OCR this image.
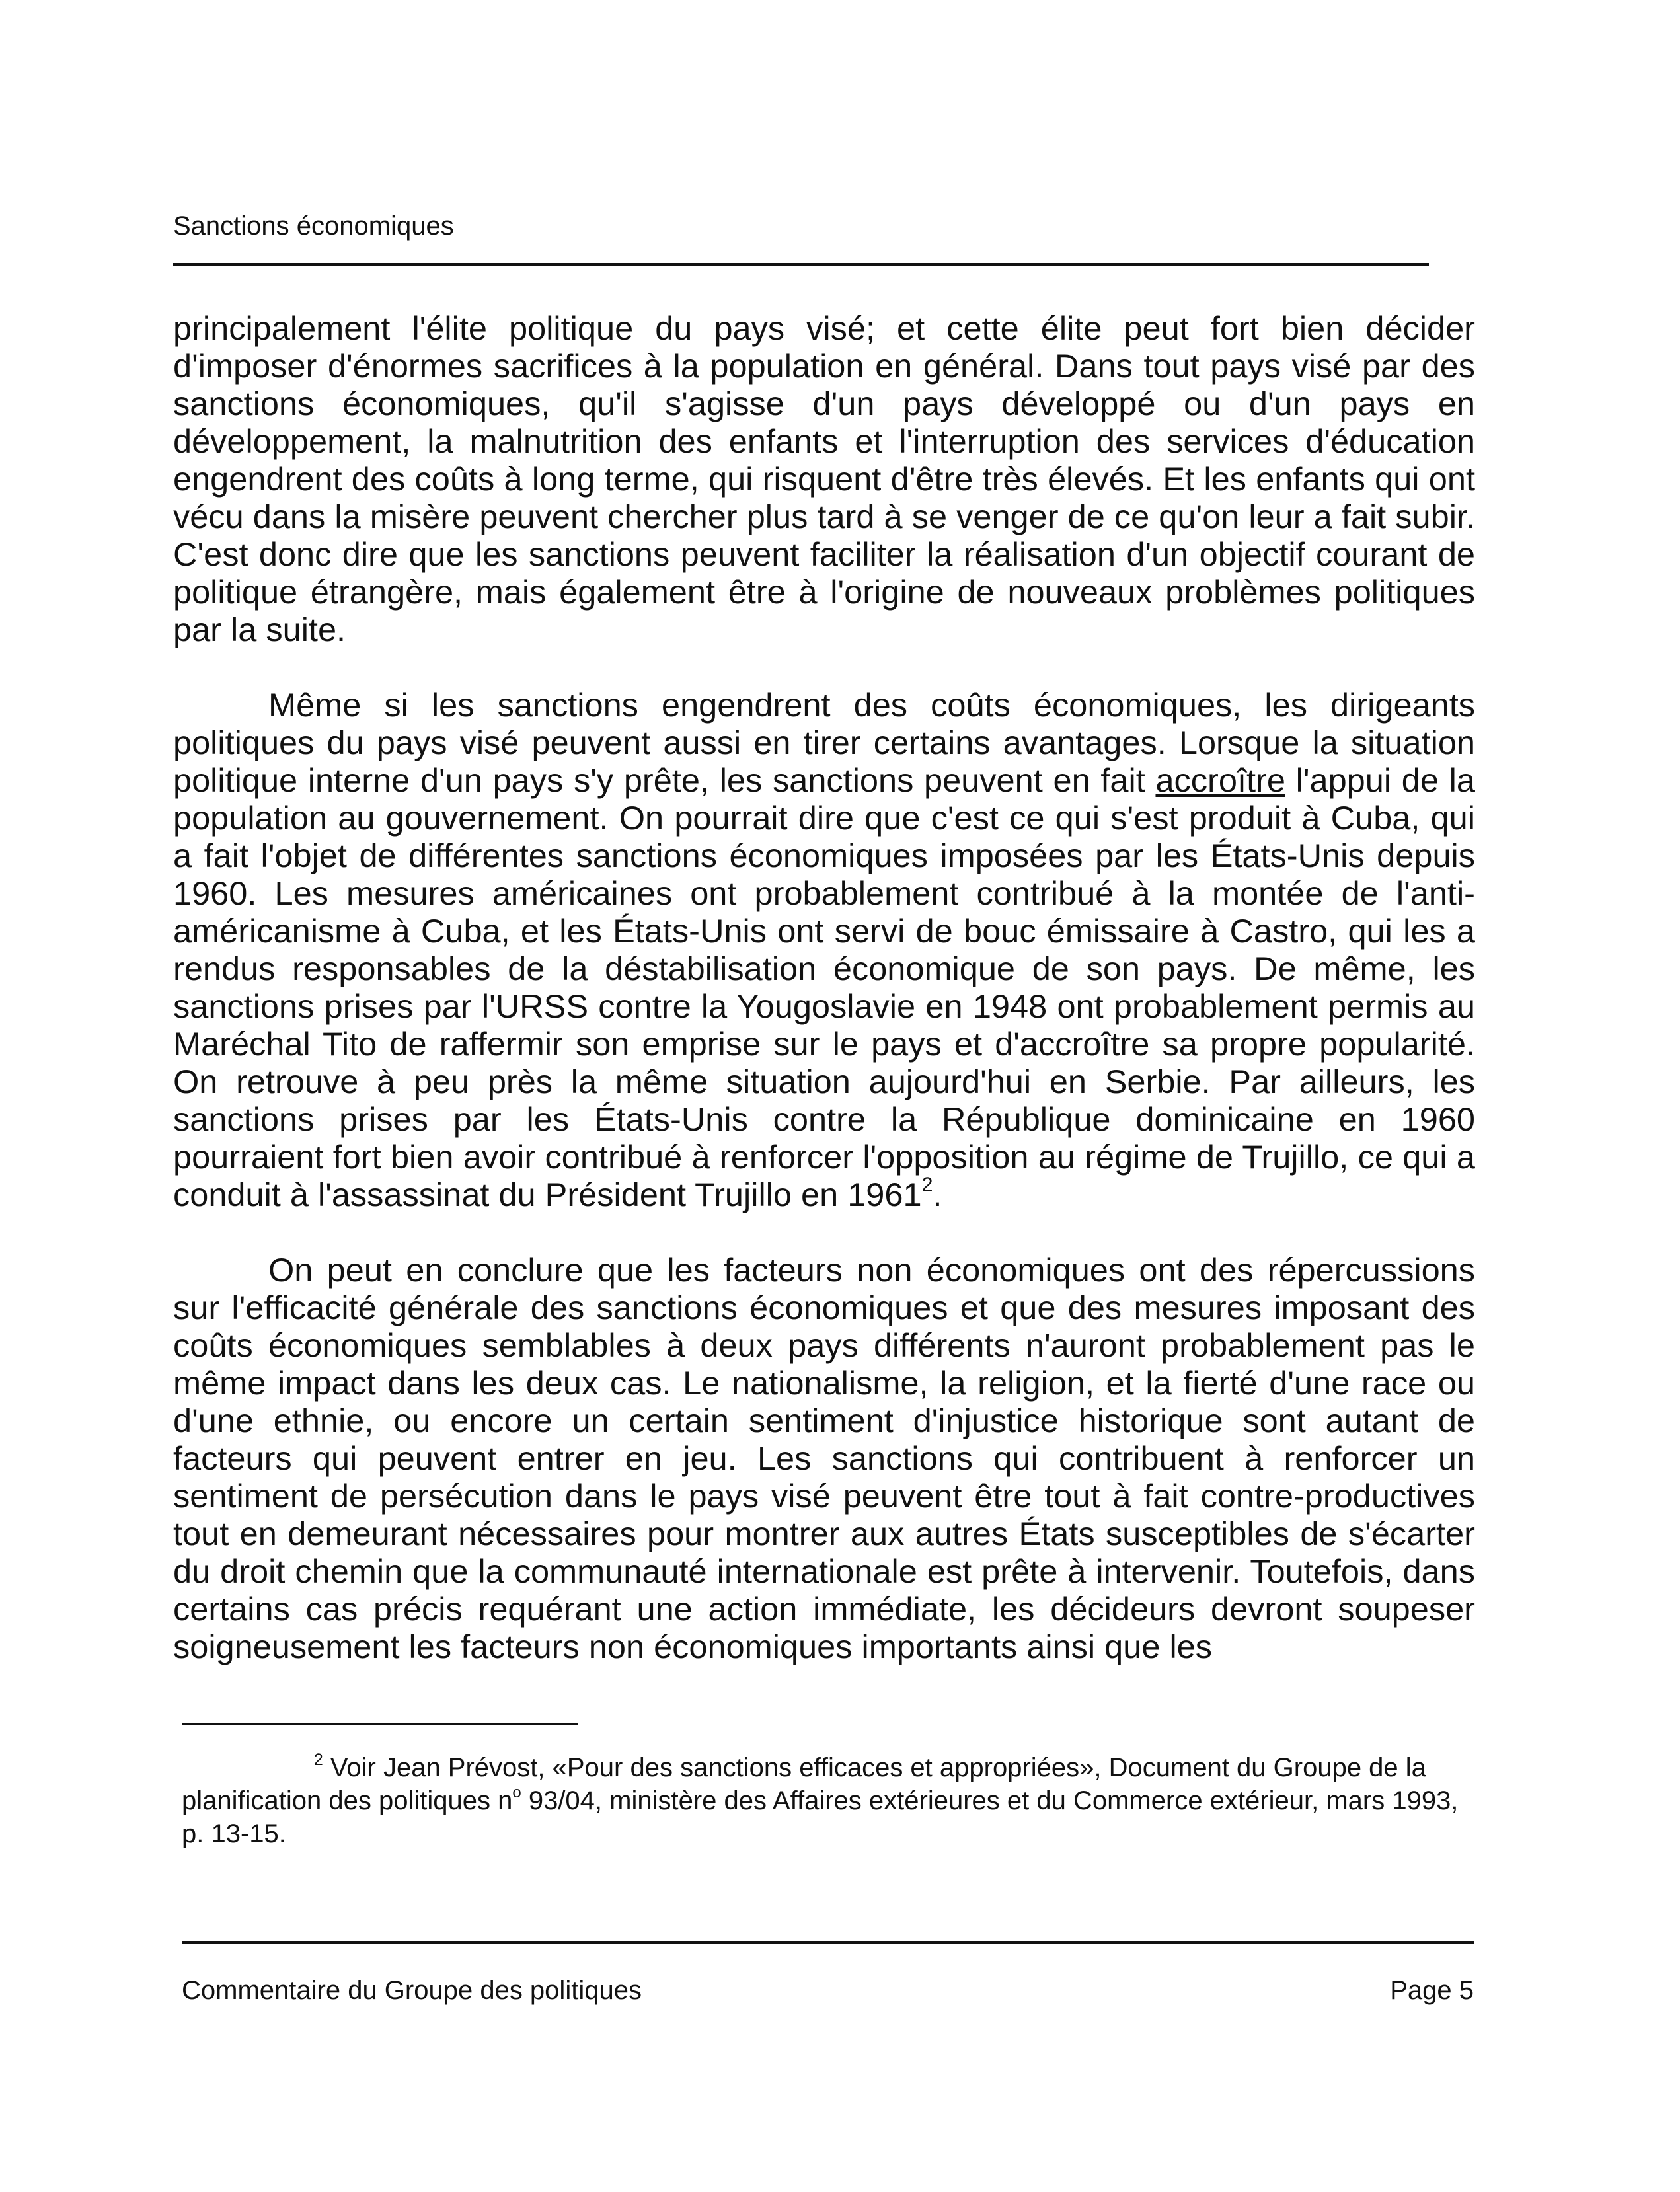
Sanctions économiques

principalement l'élite politique du pays visé; et cette élite peut fort bien décider d'imposer d'énormes sacrifices à la population en général. Dans tout pays visé par des sanctions économiques, qu'il s'agisse d'un pays développé ou d'un pays en développement, la malnutrition des enfants et l'interruption des services d'éducation engendrent des coûts à long terme, qui risquent d'être très élevés. Et les enfants qui ont vécu dans la misère peuvent chercher plus tard à se venger de ce qu'on leur a fait subir. C'est donc dire que les sanctions peuvent faciliter la réalisation d'un objectif courant de politique étrangère, mais également être à l'origine de nouveaux problèmes politiques par la suite.

Même si les sanctions engendrent des coûts économiques, les dirigeants politiques du pays visé peuvent aussi en tirer certains avantages. Lorsque la situation politique interne d'un pays s'y prête, les sanctions peuvent en fait accroître l'appui de la population au gouvernement. On pourrait dire que c'est ce qui s'est produit à Cuba, qui a fait l'objet de différentes sanctions économiques imposées par les États-Unis depuis 1960. Les mesures américaines ont probablement contribué à la montée de l'anti-américanisme à Cuba, et les États-Unis ont servi de bouc émissaire à Castro, qui les a rendus responsables de la déstabilisation économique de son pays. De même, les sanctions prises par l'URSS contre la Yougoslavie en 1948 ont probablement permis au Maréchal Tito de raffermir son emprise sur le pays et d'accroître sa propre popularité. On retrouve à peu près la même situation aujourd'hui en Serbie. Par ailleurs, les sanctions prises par les États-Unis contre la République dominicaine en 1960 pourraient fort bien avoir contribué à renforcer l'opposition au régime de Trujillo, ce qui a conduit à l'assassinat du Président Trujillo en 1961$^2$.

On peut en conclure que les facteurs non économiques ont des répercussions sur l'efficacité générale des sanctions économiques et que des mesures imposant des coûts économiques semblables à deux pays différents n'auront probablement pas le même impact dans les deux cas. Le nationalisme, la religion, et la fierté d'une race ou d'une ethnie, ou encore un certain sentiment d'injustice historique sont autant de facteurs qui peuvent entrer en jeu. Les sanctions qui contribuent à renforcer un sentiment de persécution dans le pays visé peuvent être tout à fait contre-productives tout en demeurant nécessaires pour montrer aux autres États susceptibles de s'écarter du droit chemin que la communauté internationale est prête à intervenir. Toutefois, dans certains cas précis requérant une action immédiate, les décideurs devront soupeser soigneusement les facteurs non économiques importants ainsi que les

$^2$ Voir Jean Prévost, «Pour des sanctions efficaces et appropriées», Document du Groupe de la planification des politiques $n^o$ 93/04, ministère des Affaires extérieures et du Commerce extérieur, mars 1993, p. 13-15.
Commentaire du Groupe des politiques	Page 5
